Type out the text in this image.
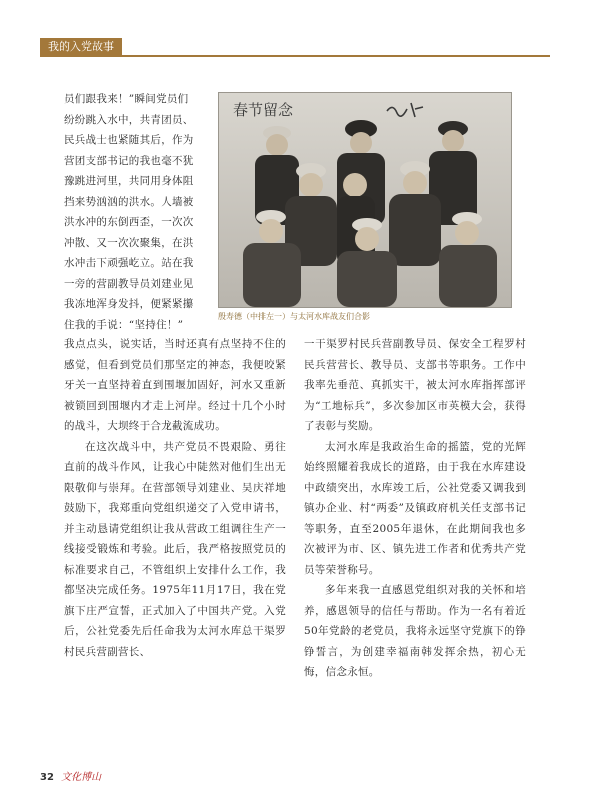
我的入党故事

员们跟我来！”瞬间党员们

纷纷跳入水中，共青团员、

民兵战士也紧随其后，作为

营团支部书记的我也毫不犹

豫跳进河里，共同用身体阻

挡来势汹汹的洪水。人墙被

洪水冲的东倒西歪，一次次

冲散、又一次次聚集，在洪

水冲击下顽强屹立。站在我

一旁的营副教导员刘建业见

我冻地浑身发抖，便紧紧攥

住我的手说：“坚持住！”

春节留念
殷寿德（中排左一）与太河水库战友们合影

我点点头，说实话，当时还真有点坚持不住的感觉，但看到党员们那坚定的神态，我便咬紧牙关一直坚持着直到围堰加固好，河水又重新被锁回到围堰内才走上河岸。经过十几个小时的战斗，大坝终于合龙截流成功。

在这次战斗中，共产党员不畏艰险、勇往直前的战斗作风，让我心中陡然对他们生出无限敬仰与崇拜。在营部领导刘建业、吴庆祥地鼓励下，我郑重向党组织递交了入党申请书，并主动恳请党组织让我从营政工组调往生产一线接受锻炼和考验。此后，我严格按照党员的标准要求自己，不管组织上安排什么工作，我都坚决完成任务。1975年11月17日，我在党旗下庄严宣誓，正式加入了中国共产党。入党后，公社党委先后任命我为太河水库总干渠罗村民兵营副营长、

一干渠罗村民兵营副教导员、保安全工程罗村民兵营营长、教导员、支部书等职务。工作中我率先垂范、真抓实干，被太河水库指挥部评为“工地标兵”，多次参加区市英模大会，获得了表彰与奖励。

太河水库是我政治生命的摇篮，党的光辉始终照耀着我成长的道路，由于我在水库建设中政绩突出，水库竣工后，公社党委又调我到镇办企业、村“两委”及镇政府机关任支部书记等职务，直至2005年退休，在此期间我也多次被评为市、区、镇先进工作者和优秀共产党员等荣誉称号。

多年来我一直感恩党组织对我的关怀和培养，感恩领导的信任与帮助。作为一名有着近50年党龄的老党员，我将永远坚守党旗下的铮铮誓言，为创建幸福南韩发挥余热，初心无悔，信念永恒。

32 文化博山
